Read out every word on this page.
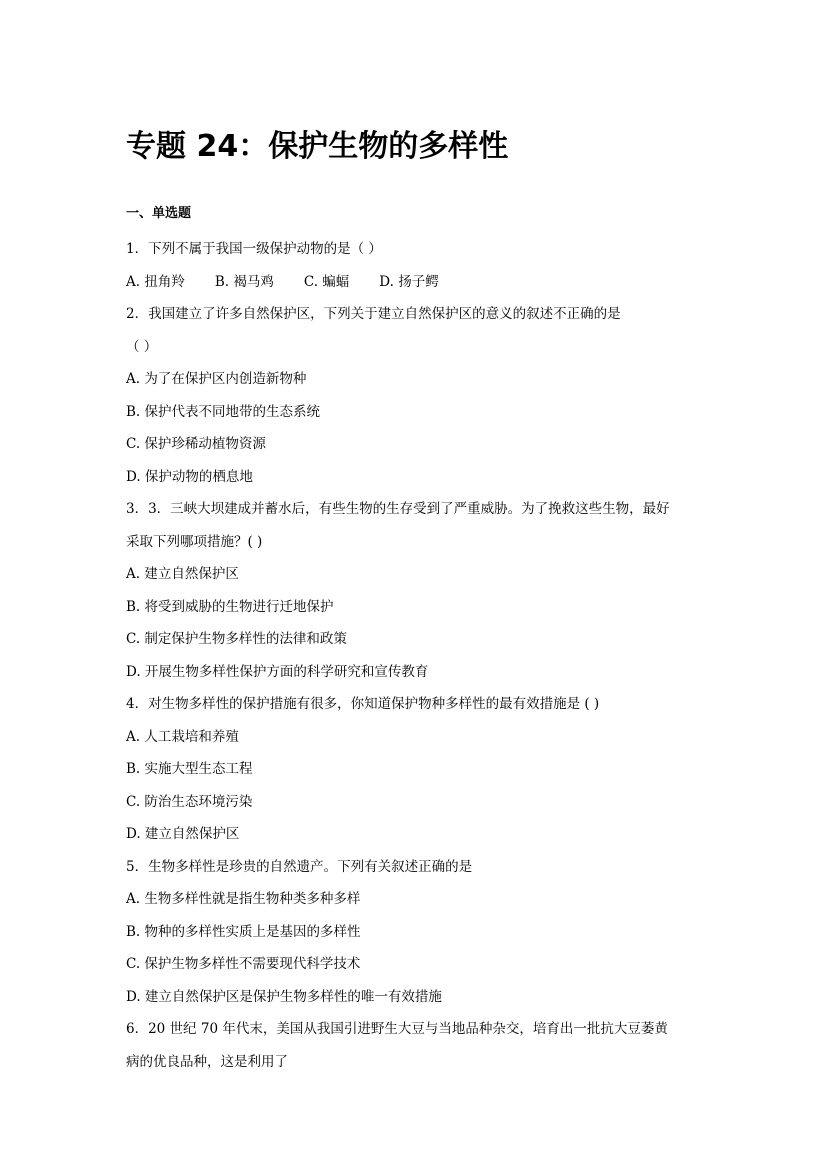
专题 24：保护生物的多样性
一、单选题
1．下列不属于我国一级保护动物的是（ ）
A. 扭角羚 B. 褐马鸡 C. 蝙蝠 D. 扬子鳄
2．我国建立了许多自然保护区，下列关于建立自然保护区的意义的叙述不正确的是
（ ）
A. 为了在保护区内创造新物种
B. 保护代表不同地带的生态系统
C. 保护珍稀动植物资源
D. 保护动物的栖息地
3．3．三峡大坝建成并蓄水后，有些生物的生存受到了严重威胁。为了挽救这些生物，最好
采取下列哪项措施？( )
A. 建立自然保护区
B. 将受到威胁的生物进行迁地保护
C. 制定保护生物多样性的法律和政策
D. 开展生物多样性保护方面的科学研究和宣传教育
4．对生物多样性的保护措施有很多，你知道保护物种多样性的最有效措施是 ( )
A. 人工栽培和养殖
B. 实施大型生态工程
C. 防治生态环境污染
D. 建立自然保护区
5．生物多样性是珍贵的自然遗产。下列有关叙述正确的是
A. 生物多样性就是指生物种类多种多样
B. 物种的多样性实质上是基因的多样性
C. 保护生物多样性不需要现代科学技术
D. 建立自然保护区是保护生物多样性的唯一有效措施
6．20 世纪 70 年代末，美国从我国引进野生大豆与当地品种杂交，培育出一批抗大豆萎黄
病的优良品种，这是利用了
